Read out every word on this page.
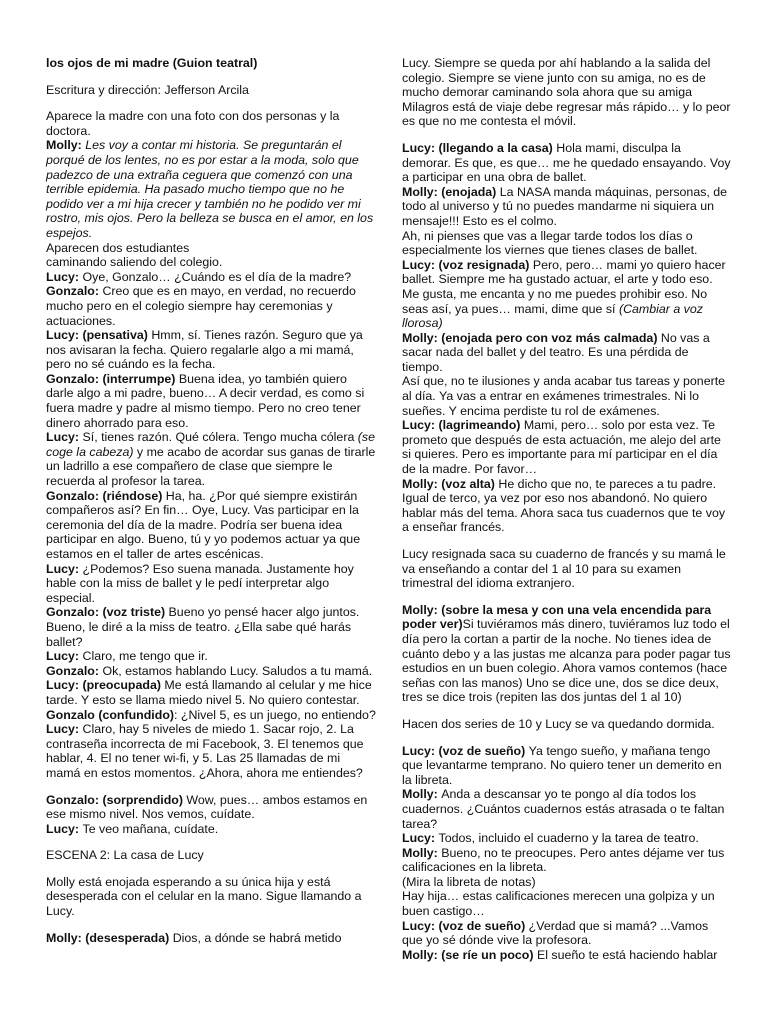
los ojos de mi madre (Guion teatral)

Escritura y dirección: Jefferson Arcila

Aparece la madre con una foto con dos personas y la doctora.

Molly: Les voy a contar mi historia. Se preguntarán el porqué de los lentes, no es por estar a la moda, solo que padezco de una extraña ceguera que comenzó con una terrible epidemia. Ha pasado mucho tiempo que no he podido ver a mi hija crecer y también no he podido ver mi rostro, mis ojos. Pero la belleza se busca en el amor, en los espejos.

Aparecen dos estudiantes

caminando saliendo del colegio.

Lucy: Oye, Gonzalo… ¿Cuándo es el día de la madre?

Gonzalo: Creo que es en mayo, en verdad, no recuerdo mucho pero en el colegio siempre hay ceremonias y actuaciones.

Lucy: (pensativa) Hmm, sí. Tienes razón. Seguro que ya nos avisaran la fecha. Quiero regalarle algo a mi mamá, pero no sé cuándo es la fecha.

Gonzalo: (interrumpe) Buena idea, yo también quiero darle algo a mi padre, bueno… A decir verdad, es como si fuera madre y padre al mismo tiempo. Pero no creo tener dinero ahorrado para eso.

Lucy: Sí, tienes razón. Qué cólera. Tengo mucha cólera (se coge la cabeza) y me acabo de acordar sus ganas de tirarle un ladrillo a ese compañero de clase que siempre le recuerda al profesor la tarea.

Gonzalo: (riéndose) Ha, ha. ¿Por qué siempre existirán compañeros así? En fin… Oye, Lucy. Vas participar en la ceremonia del día de la madre. Podría ser buena idea participar en algo. Bueno, tú y yo podemos actuar ya que estamos en el taller de artes escénicas.

Lucy: ¿Podemos? Eso suena manada. Justamente hoy hable con la miss de ballet y le pedí interpretar algo especial.

Gonzalo: (voz triste) Bueno yo pensé hacer algo juntos. Bueno, le diré a la miss de teatro. ¿Ella sabe qué harás ballet?

Lucy: Claro, me tengo que ir.

Gonzalo: Ok, estamos hablando Lucy. Saludos a tu mamá.

Lucy: (preocupada) Me está llamando al celular y me hice tarde. Y esto se llama miedo nivel 5. No quiero contestar.

Gonzalo (confundido): ¿Nivel 5, es un juego, no entiendo?

Lucy: Claro, hay 5 niveles de miedo 1. Sacar rojo, 2. La contraseña incorrecta de mi Facebook, 3. El tenemos que hablar, 4. El no tener wi-fi, y 5. Las 25 llamadas de mi mamá en estos momentos. ¿Ahora, ahora me entiendes?

Gonzalo: (sorprendido) Wow, pues… ambos estamos en ese mismo nivel. Nos vemos, cuídate.

Lucy: Te veo mañana, cuídate.

ESCENA 2: La casa de Lucy

Molly está enojada esperando a su única hija y está desesperada con el celular en la mano. Sigue llamando a Lucy.

Molly: (desesperada) Dios, a dónde se habrá metido

Lucy. Siempre se queda por ahí hablando a la salida del colegio. Siempre se viene junto con su amiga, no es de mucho demorar caminando sola ahora que su amiga Milagros está de viaje debe regresar más rápido… y lo peor es que no me contesta el móvil.

Lucy: (llegando a la casa) Hola mami, disculpa la demorar. Es que, es que… me he quedado ensayando. Voy a participar en una obra de ballet.

Molly: (enojada) La NASA manda máquinas, personas, de todo al universo y tú no puedes mandarme ni siquiera un mensaje!!! Esto es el colmo.

Ah, ni pienses que vas a llegar tarde todos los días o especialmente los viernes que tienes clases de ballet.

Lucy: (voz resignada) Pero, pero… mami yo quiero hacer ballet. Siempre me ha gustado actuar, el arte y todo eso. Me gusta, me encanta y no me puedes prohibir eso. No seas así, ya pues… mami, dime que sí (Cambiar a voz llorosa)

Molly: (enojada pero con voz más calmada) No vas a sacar nada del ballet y del teatro. Es una pérdida de tiempo.

Así que, no te ilusiones y anda acabar tus tareas y ponerte al día. Ya vas a entrar en exámenes trimestrales. Ni lo sueñes. Y encima perdiste tu rol de exámenes.

Lucy: (lagrimeando) Mami, pero… solo por esta vez. Te prometo que después de esta actuación, me alejo del arte si quieres. Pero es importante para mí participar en el día de la madre. Por favor…

Molly: (voz alta) He dicho que no, te pareces a tu padre. Igual de terco, ya vez por eso nos abandonó. No quiero hablar más del tema. Ahora saca tus cuadernos que te voy a enseñar francés.

Lucy resignada saca su cuaderno de francés y su mamá le va enseñando a contar del 1 al 10 para su examen trimestral del idioma extranjero.

Molly: (sobre la mesa y con una vela encendida para poder ver)Si tuviéramos más dinero, tuviéramos luz todo el día pero la cortan a partir de la noche. No tienes idea de cuánto debo y a las justas me alcanza para poder pagar tus estudios en un buen colegio. Ahora vamos contemos (hace señas con las manos) Uno se dice une, dos se dice deux, tres se dice trois (repiten las dos juntas del 1 al 10)

Hacen dos series de 10 y Lucy se va quedando dormida.

Lucy: (voz de sueño) Ya tengo sueño, y mañana tengo que levantarme temprano. No quiero tener un demerito en la libreta.

Molly: Anda a descansar yo te pongo al día todos los cuadernos. ¿Cuántos cuadernos estás atrasada o te faltan tarea?

Lucy: Todos, incluido el cuaderno y la tarea de teatro.

Molly: Bueno, no te preocupes. Pero antes déjame ver tus calificaciones en la libreta.

(Mira la libreta de notas)

Hay hija… estas calificaciones merecen una golpiza y un buen castigo…

Lucy: (voz de sueño) ¿Verdad que si mamá? ...Vamos que yo sé dónde vive la profesora.

Molly: (se ríe un poco) El sueño te está haciendo hablar
